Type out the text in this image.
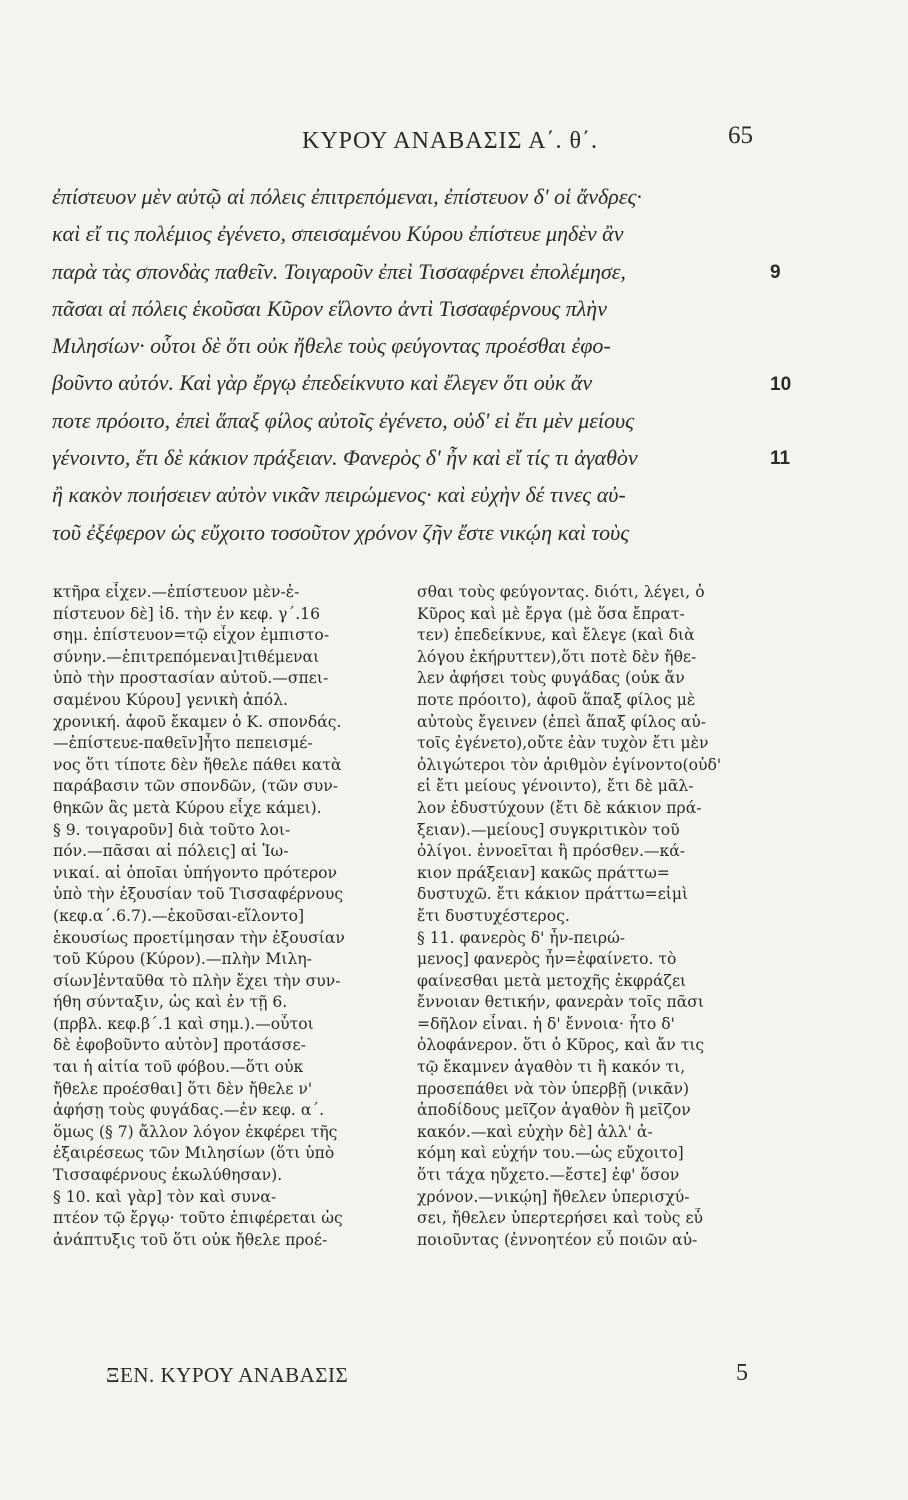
ΚΥΡΟΥ ΑΝΑΒΑΣΙΣ Α΄. θ΄.	65
ἐπίστευον μὲν αὐτῷ αἱ πόλεις ἐπιτρεπόμεναι, ἐπίστευον δ' οἱ ἄνδρες·
καὶ εἴ τις πολέμιος ἐγένετο, σπεισαμένου Κύρου ἐπίστευε μηδὲν ἂν
παρὰ τὰς σπονδὰς παθεῖν. Τοιγαροῦν ἐπεὶ Τισσαφέρνει ἐπολέμησε,
πᾶσαι αἱ πόλεις ἑκοῦσαι Κῦρον εἵλοντο ἀντὶ Τισσαφέρνους πλὴν
Μιλησίων· οὗτοι δὲ ὅτι οὐκ ἤθελε τοὺς φεύγοντας προέσθαι ἐφο-
βοῦντο αὐτόν. Καὶ γὰρ ἔργῳ ἐπεδείκνυτο καὶ ἔλεγεν ὅτι οὐκ ἄν
ποτε πρόοιτο, ἐπεὶ ἅπαξ φίλος αὐτοῖς ἐγένετο, οὐδ' εἰ ἔτι μὲν μείους
γένοιντο, ἔτι δὲ κάκιον πράξειαν. Φανερὸς δ' ἦν καὶ εἴ τίς τι ἀγαθὸν
ἢ κακὸν ποιήσειεν αὐτὸν νικᾶν πειρώμενος· καὶ εὐχὴν δέ τινες αὐ-
τοῦ ἐξέφερον ὡς εὔχοιτο τοσοῦτον χρόνον ζῆν ἔστε νικῴη καὶ τοὺς
9
10
11
κτῆρα εἶχεν.—ἐπίστευον μὲν-ἐ-
πίστευον δὲ] ἰδ. τὴν ἐν κεφ. γ΄.16
σημ. ἐπίστευον=τῷ εἶχον ἐμπιστο-
σύνην.—ἐπιτρεπόμεναι]τιθέμεναι
ὑπὸ τὴν προστασίαν αὐτοῦ.—σπει-
σαμένου Κύρου] γενικὴ ἀπόλ.
χρονική. ἀφοῦ ἔκαμεν ὁ Κ. σπονδάς.
—ἐπίστευε-παθεῖν]ἦτο πεπεισμέ-
νος ὅτι τίποτε δὲν ἤθελε πάθει κατὰ
παράβασιν τῶν σπονδῶν, (τῶν συν-
θηκῶν ἃς μετὰ Κύρου εἶχε κάμει).
§ 9. τοιγαροῦν] διὰ τοῦτο λοι-
πόν.—πᾶσαι αἱ πόλεις] αἱ Ἰω-
νικαί. αἱ ὁποῖαι ὑπήγοντο πρότερον
ὑπὸ τὴν ἐξουσίαν τοῦ Τισσαφέρνους
(κεφ.α΄.6.7).—ἑκοῦσαι-εἵλοντο]
ἑκουσίως προετίμησαν τὴν ἐξουσίαν
τοῦ Κύρου (Κύρον).—πλὴν Μιλη-
σίων]ἐνταῦθα τὸ πλὴν ἔχει τὴν συν-
ήθη σύνταξιν, ὡς καὶ ἐν τῇ 6.
(πρβλ. κεφ.β΄.1 καὶ σημ.).—οὗτοι
δὲ ἐφοβοῦντο αὐτὸν] προτάσσε-
ται ἡ αἰτία τοῦ φόβου.—ὅτι οὐκ
ἤθελε προέσθαι] ὅτι δὲν ἤθελε ν'
ἀφήσῃ τοὺς φυγάδας.—ἐν κεφ. α΄.
ὅμως (§ 7) ἄλλον λόγον ἐκφέρει τῆς
ἐξαιρέσεως τῶν Μιλησίων (ὅτι ὑπὸ
Τισσαφέρνους ἐκωλύθησαν).
§ 10. καὶ γὰρ] τὸν καὶ συνα-
πτέον τῷ ἔργῳ· τοῦτο ἐπιφέρεται ὡς
ἀνάπτυξις τοῦ ὅτι οὐκ ἤθελε προέ-
σθαι τοὺς φεύγοντας. διότι, λέγει, ὁ
Κῦρος καὶ μὲ ἔργα (μὲ ὅσα ἔπρατ-
τεν) ἐπεδείκνυε, καὶ ἔλεγε (καὶ διὰ
λόγου ἐκήρυττεν),ὅτι ποτὲ δὲν ἤθε-
λεν ἀφήσει τοὺς φυγάδας (οὐκ ἄν
ποτε πρόοιτο), ἀφοῦ ἅπαξ φίλος μὲ
αὐτοὺς ἔγεινεν (ἐπεὶ ἅπαξ φίλος αὐ-
τοῖς ἐγένετο),οὔτε ἐὰν τυχὸν ἔτι μὲν
ὀλιγώτεροι τὸν ἀριθμὸν ἐγίνοντο(οὐδ'
εἰ ἔτι μείους γένοιντο), ἔτι δὲ μᾶλ-
λον ἐδυστύχουν (ἔτι δὲ κάκιον πρά-
ξειαν).—μείους] συγκριτικὸν τοῦ
ὀλίγοι. ἐννοεῖται ἢ πρόσθεν.—κά-
κιον πράξειαν] κακῶς πράττω=
δυστυχῶ. ἔτι κάκιον πράττω=εἰμὶ
ἔτι δυστυχέστερος.
§ 11. φανερὸς δ' ἦν-πειρώ-
μενος] φανερὸς ἦν=ἐφαίνετο. τὸ
φαίνεσθαι μετὰ μετοχῆς ἐκφράζει
ἔννοιαν θετικήν, φανερὰν τοῖς πᾶσι
=δῆλον εἶναι. ἡ δ' ἔννοια· ἦτο δ'
ὁλοφάνερον. ὅτι ὁ Κῦρος, καὶ ἄν τις
τῷ ἔκαμνεν ἀγαθὸν τι ἢ κακόν τι,
προσεπάθει νὰ τὸν ὑπερβῇ (νικᾶν)
ἀποδίδους μεῖζον ἀγαθὸν ἢ μεῖζον
κακόν.—καὶ εὐχὴν δὲ] ἀλλ' ἀ-
κόμη καὶ εὐχήν του.—ὡς εὔχοιτο]
ὅτι τάχα ηὔχετο.—ἔστε] ἐφ' ὅσον
χρόνον.—νικῴη] ἤθελεν ὑπερισχύ-
σει, ἤθελεν ὑπερτερήσει καὶ τοὺς εὖ
ποιοῦντας (ἐννοητέον εὖ ποιῶν αὐ-
ΞΕΝ. ΚΥΡΟΥ ΑΝΑΒΑΣΙΣ	5
